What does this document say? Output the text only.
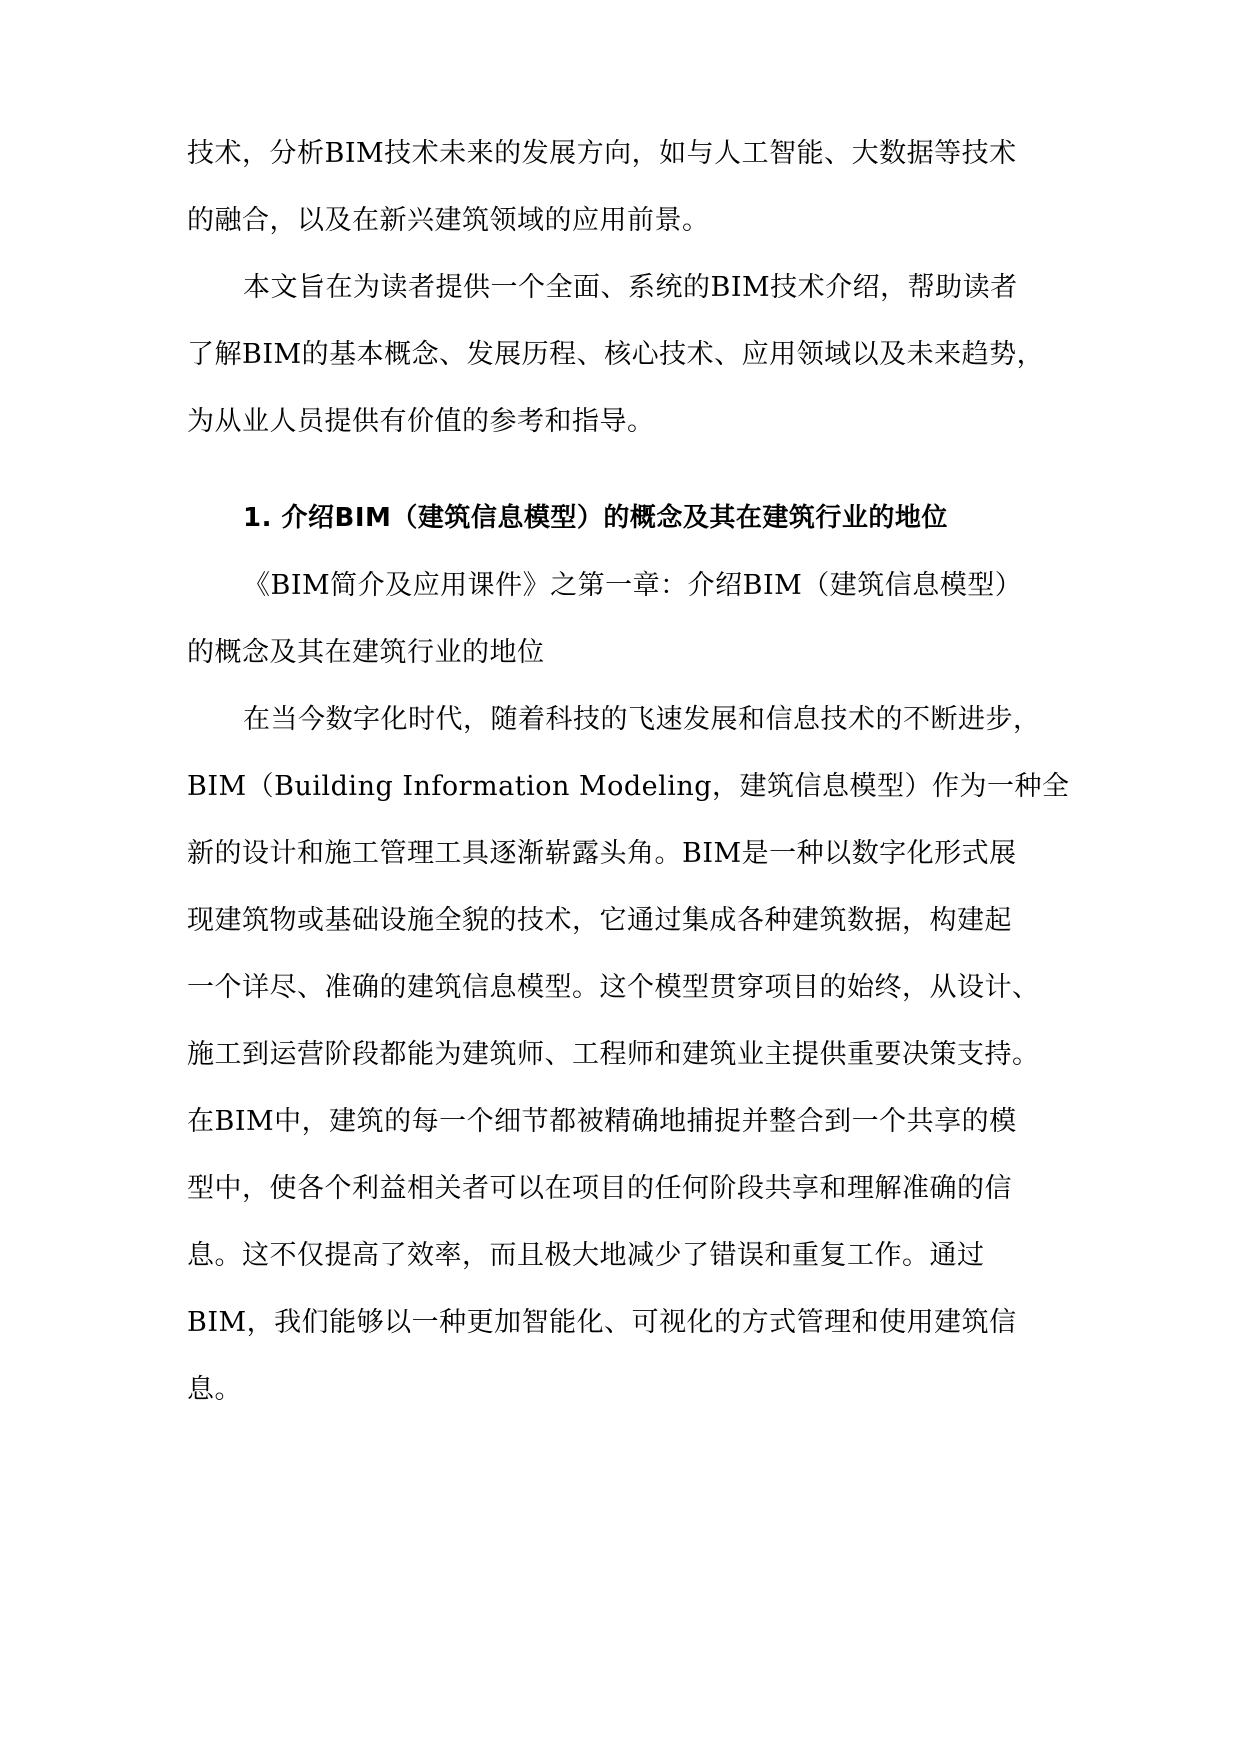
技术，分析BIM技术未来的发展方向，如与人工智能、大数据等技术
的融合，以及在新兴建筑领域的应用前景。
本文旨在为读者提供一个全面、系统的BIM技术介绍，帮助读者
了解BIM的基本概念、发展历程、核心技术、应用领域以及未来趋势，
为从业人员提供有价值的参考和指导。
1. 介绍BIM（建筑信息模型）的概念及其在建筑行业的地位
《BIM简介及应用课件》之第一章：介绍BIM（建筑信息模型）
的概念及其在建筑行业的地位
在当今数字化时代，随着科技的飞速发展和信息技术的不断进步，
BIM（Building Information Modeling，建筑信息模型）作为一种全
新的设计和施工管理工具逐渐崭露头角。BIM是一种以数字化形式展
现建筑物或基础设施全貌的技术，它通过集成各种建筑数据，构建起
一个详尽、准确的建筑信息模型。这个模型贯穿项目的始终，从设计、
施工到运营阶段都能为建筑师、工程师和建筑业主提供重要决策支持。
在BIM中，建筑的每一个细节都被精确地捕捉并整合到一个共享的模
型中，使各个利益相关者可以在项目的任何阶段共享和理解准确的信
息。这不仅提高了效率，而且极大地减少了错误和重复工作。通过
BIM，我们能够以一种更加智能化、可视化的方式管理和使用建筑信
息。
